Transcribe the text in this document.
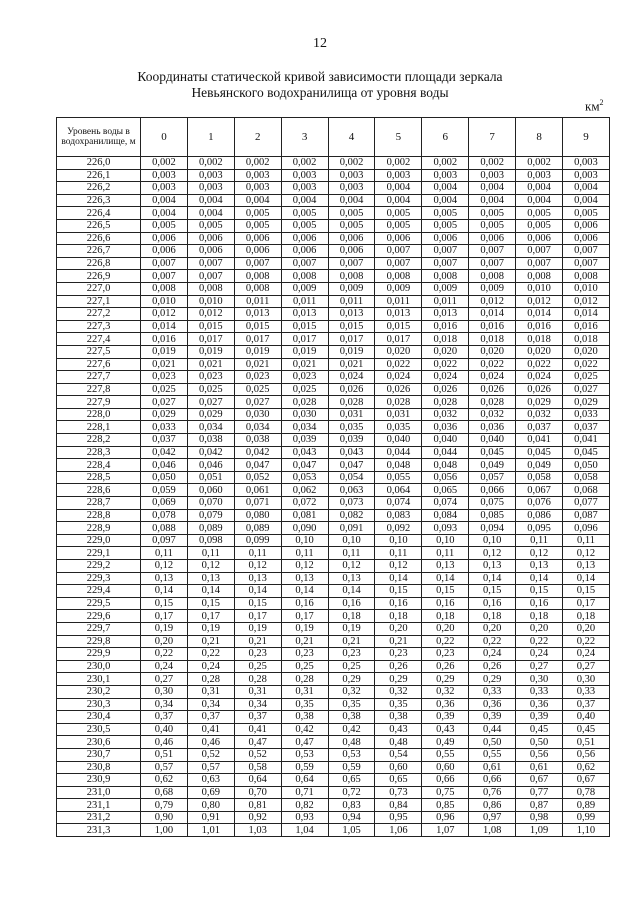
12
Координаты статической кривой зависимости площади зеркала
Невьянского водохранилища от уровня воды
$км^2$
Уровень воды в водохранилище, м	0	1	2	3	4	5	6	7	8	9
226,0	0,002	0,002	0,002	0,002	0,002	0,002	0,002	0,002	0,002	0,003
226,1	0,003	0,003	0,003	0,003	0,003	0,003	0,003	0,003	0,003	0,003
226,2	0,003	0,003	0,003	0,003	0,003	0,004	0,004	0,004	0,004	0,004
226,3	0,004	0,004	0,004	0,004	0,004	0,004	0,004	0,004	0,004	0,004
226,4	0,004	0,004	0,005	0,005	0,005	0,005	0,005	0,005	0,005	0,005
226,5	0,005	0,005	0,005	0,005	0,005	0,005	0,005	0,005	0,005	0,006
226,6	0,006	0,006	0,006	0,006	0,006	0,006	0,006	0,006	0,006	0,006
226,7	0,006	0,006	0,006	0,006	0,006	0,007	0,007	0,007	0,007	0,007
226,8	0,007	0,007	0,007	0,007	0,007	0,007	0,007	0,007	0,007	0,007
226,9	0,007	0,007	0,008	0,008	0,008	0,008	0,008	0,008	0,008	0,008
227,0	0,008	0,008	0,008	0,009	0,009	0,009	0,009	0,009	0,010	0,010
227,1	0,010	0,010	0,011	0,011	0,011	0,011	0,011	0,012	0,012	0,012
227,2	0,012	0,012	0,013	0,013	0,013	0,013	0,013	0,014	0,014	0,014
227,3	0,014	0,015	0,015	0,015	0,015	0,015	0,016	0,016	0,016	0,016
227,4	0,016	0,017	0,017	0,017	0,017	0,017	0,018	0,018	0,018	0,018
227,5	0,019	0,019	0,019	0,019	0,019	0,020	0,020	0,020	0,020	0,020
227,6	0,021	0,021	0,021	0,021	0,021	0,022	0,022	0,022	0,022	0,022
227,7	0,023	0,023	0,023	0,023	0,024	0,024	0,024	0,024	0,024	0,025
227,8	0,025	0,025	0,025	0,025	0,026	0,026	0,026	0,026	0,026	0,027
227,9	0,027	0,027	0,027	0,028	0,028	0,028	0,028	0,028	0,029	0,029
228,0	0,029	0,029	0,030	0,030	0,031	0,031	0,032	0,032	0,032	0,033
228,1	0,033	0,034	0,034	0,034	0,035	0,035	0,036	0,036	0,037	0,037
228,2	0,037	0,038	0,038	0,039	0,039	0,040	0,040	0,040	0,041	0,041
228,3	0,042	0,042	0,042	0,043	0,043	0,044	0,044	0,045	0,045	0,045
228,4	0,046	0,046	0,047	0,047	0,047	0,048	0,048	0,049	0,049	0,050
228,5	0,050	0,051	0,052	0,053	0,054	0,055	0,056	0,057	0,058	0,058
228,6	0,059	0,060	0,061	0,062	0,063	0,064	0,065	0,066	0,067	0,068
228,7	0,069	0,070	0,071	0,072	0,073	0,074	0,074	0,075	0,076	0,077
228,8	0,078	0,079	0,080	0,081	0,082	0,083	0,084	0,085	0,086	0,087
228,9	0,088	0,089	0,089	0,090	0,091	0,092	0,093	0,094	0,095	0,096
229,0	0,097	0,098	0,099	0,10	0,10	0,10	0,10	0,10	0,11	0,11
229,1	0,11	0,11	0,11	0,11	0,11	0,11	0,11	0,12	0,12	0,12
229,2	0,12	0,12	0,12	0,12	0,12	0,12	0,13	0,13	0,13	0,13
229,3	0,13	0,13	0,13	0,13	0,13	0,14	0,14	0,14	0,14	0,14
229,4	0,14	0,14	0,14	0,14	0,14	0,15	0,15	0,15	0,15	0,15
229,5	0,15	0,15	0,15	0,16	0,16	0,16	0,16	0,16	0,16	0,17
229,6	0,17	0,17	0,17	0,17	0,18	0,18	0,18	0,18	0,18	0,18
229,7	0,19	0,19	0,19	0,19	0,19	0,20	0,20	0,20	0,20	0,20
229,8	0,20	0,21	0,21	0,21	0,21	0,21	0,22	0,22	0,22	0,22
229,9	0,22	0,22	0,23	0,23	0,23	0,23	0,23	0,24	0,24	0,24
230,0	0,24	0,24	0,25	0,25	0,25	0,26	0,26	0,26	0,27	0,27
230,1	0,27	0,28	0,28	0,28	0,29	0,29	0,29	0,29	0,30	0,30
230,2	0,30	0,31	0,31	0,31	0,32	0,32	0,32	0,33	0,33	0,33
230,3	0,34	0,34	0,34	0,35	0,35	0,35	0,36	0,36	0,36	0,37
230,4	0,37	0,37	0,37	0,38	0,38	0,38	0,39	0,39	0,39	0,40
230,5	0,40	0,41	0,41	0,42	0,42	0,43	0,43	0,44	0,45	0,45
230,6	0,46	0,46	0,47	0,47	0,48	0,48	0,49	0,50	0,50	0,51
230,7	0,51	0,52	0,52	0,53	0,53	0,54	0,55	0,55	0,56	0,56
230,8	0,57	0,57	0,58	0,59	0,59	0,60	0,60	0,61	0,61	0,62
230,9	0,62	0,63	0,64	0,64	0,65	0,65	0,66	0,66	0,67	0,67
231,0	0,68	0,69	0,70	0,71	0,72	0,73	0,75	0,76	0,77	0,78
231,1	0,79	0,80	0,81	0,82	0,83	0,84	0,85	0,86	0,87	0,89
231,2	0,90	0,91	0,92	0,93	0,94	0,95	0,96	0,97	0,98	0,99
231,3	1,00	1,01	1,03	1,04	1,05	1,06	1,07	1,08	1,09	1,10
